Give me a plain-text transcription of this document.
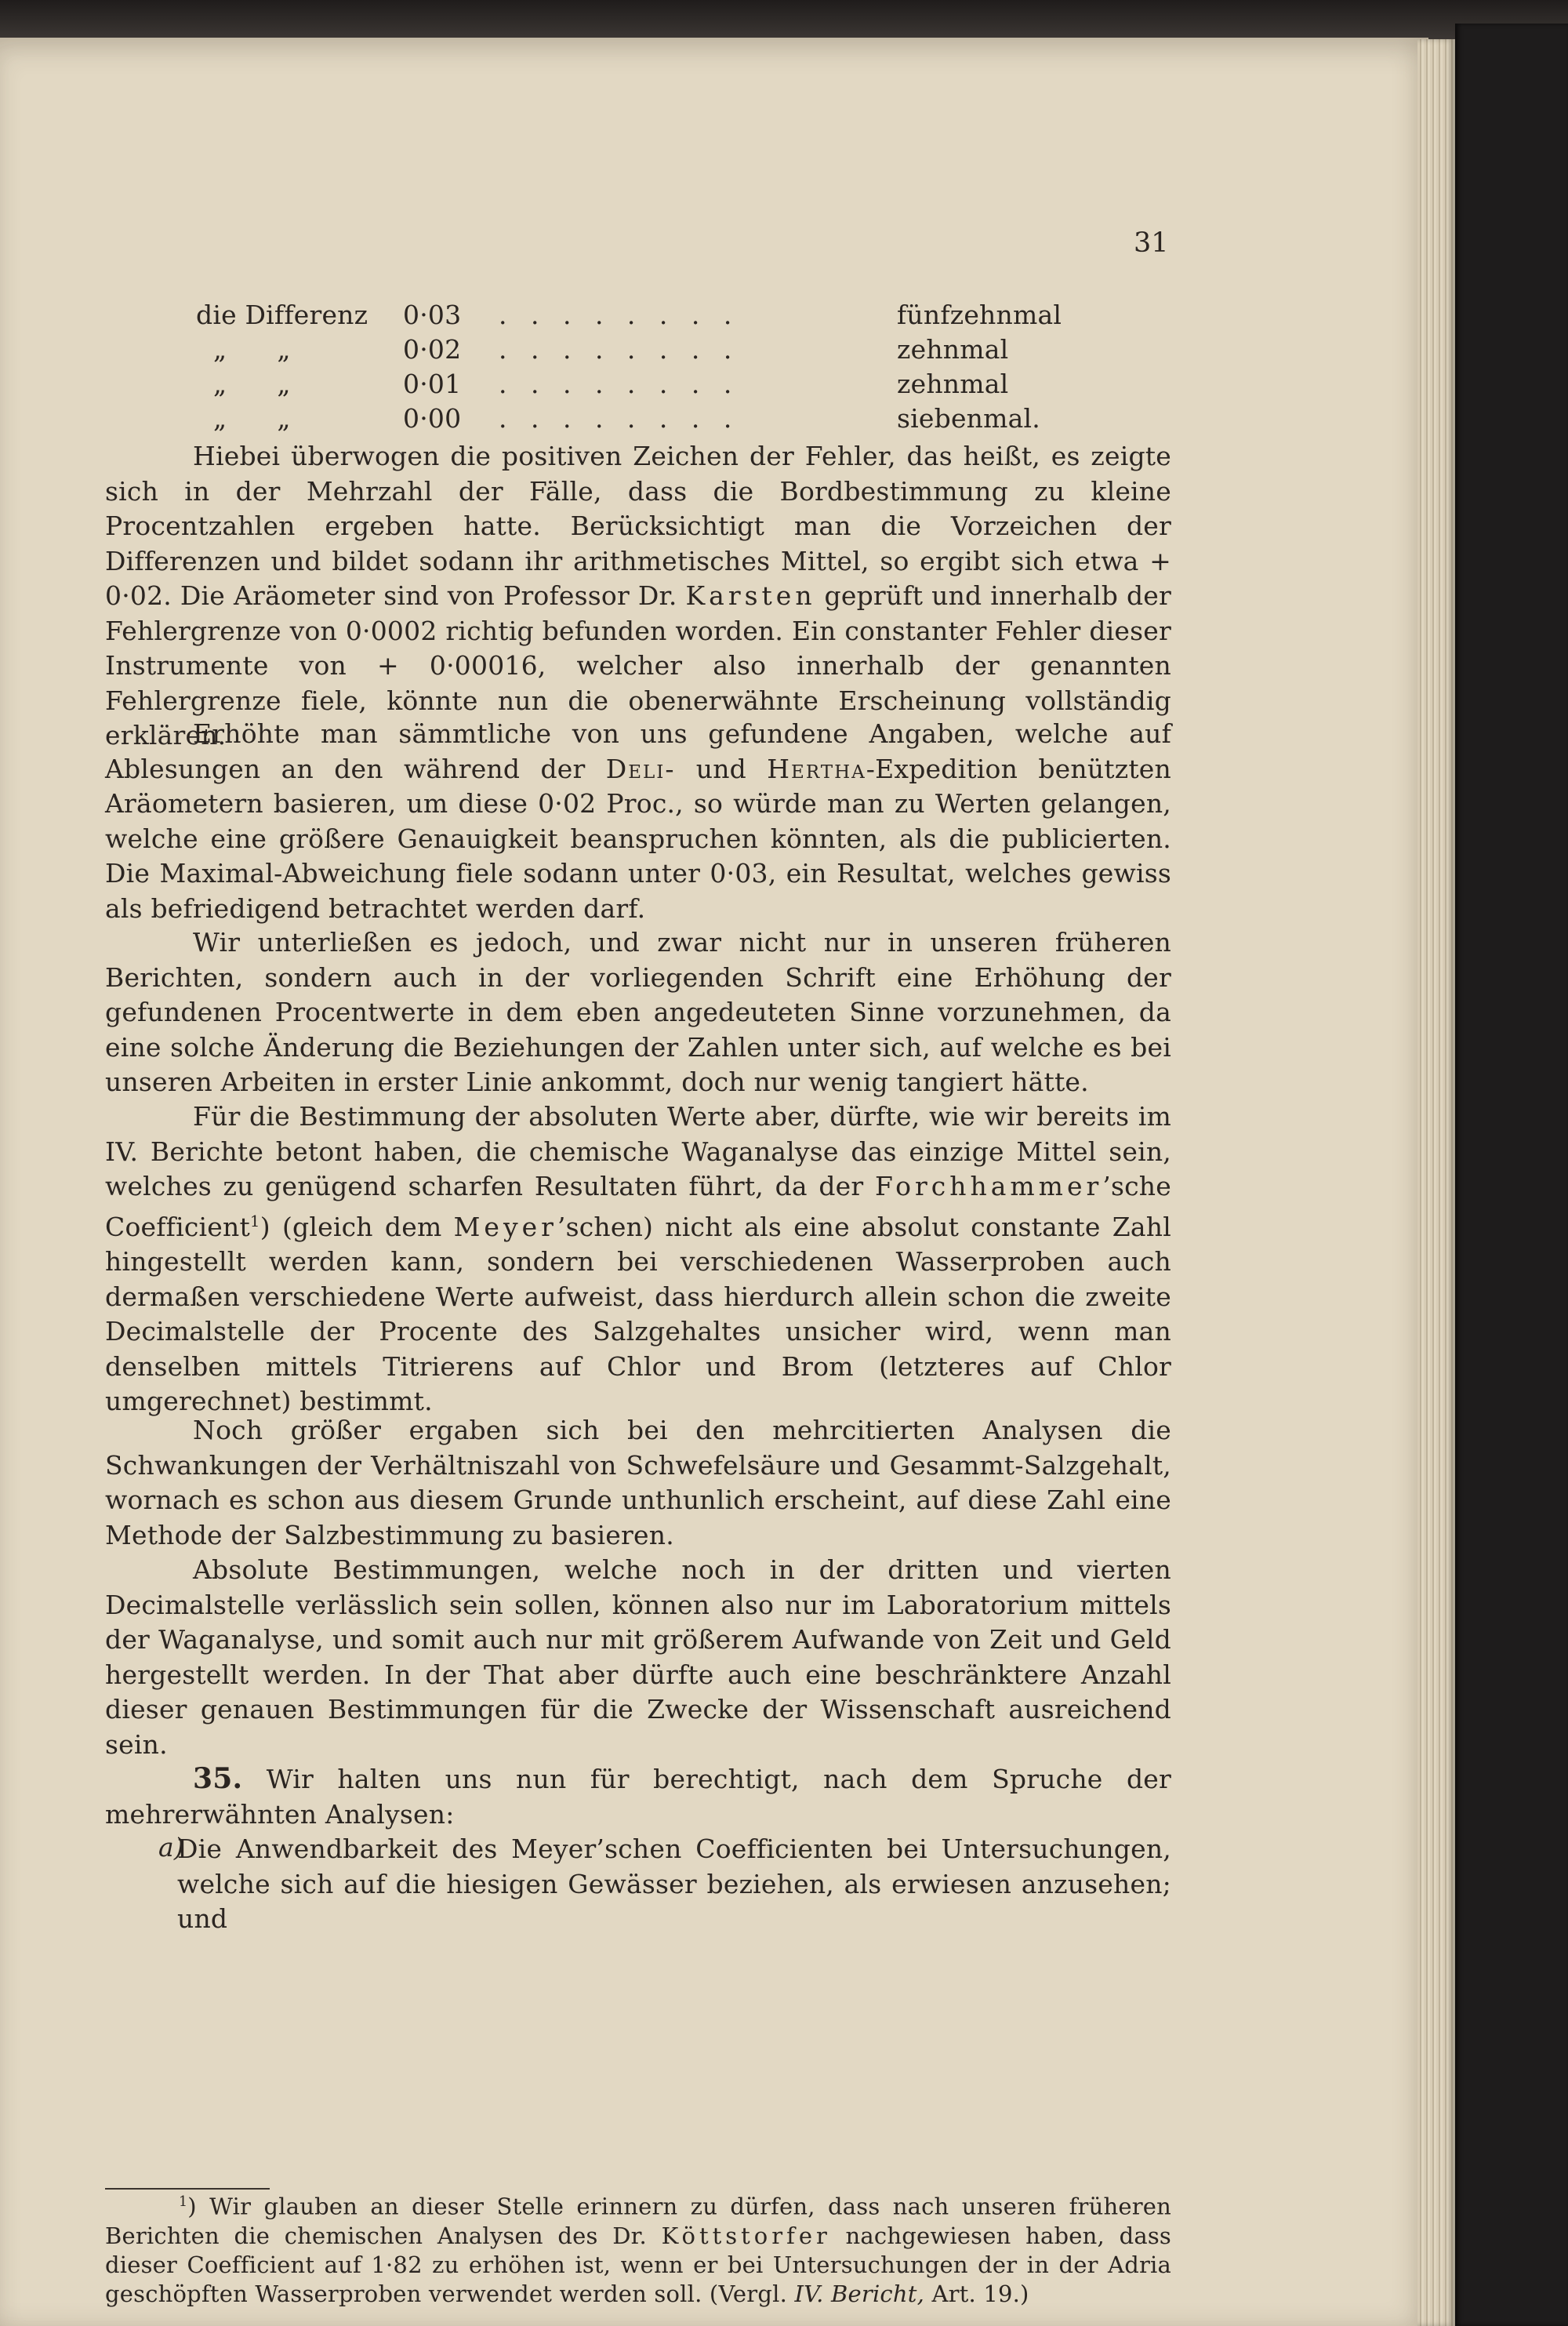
31
die Differenz 0·03 . . . . . . . .	fünfzehnmal
„      „	0·02 . . . . . . . .	zehnmal
„      „	0·01 . . . . . . . .	zehnmal
„      „	0·00 . . . . . . . .	siebenmal.

Hiebei überwogen die positiven Zeichen der Fehler, das heißt, es zeigte sich in der Mehrzahl der Fälle, dass die Bordbestimmung zu kleine Procentzahlen ergeben hatte. Berücksichtigt man die Vorzeichen der Differenzen und bildet sodann ihr arithmetisches Mittel, so ergibt sich etwa + 0·02. Die Aräometer sind von Professor Dr. Karsten geprüft und innerhalb der Fehlergrenze von 0·0002 richtig befunden worden. Ein constanter Fehler dieser Instrumente von + 0·00016, welcher also innerhalb der genannten Fehlergrenze fiele, könnte nun die obenerwähnte Erscheinung vollständig erklären.

Erhöhte man sämmtliche von uns gefundene Angaben, welche auf Ablesungen an den während der Deli- und Hertha-Expedition benützten Aräometern basieren, um diese 0·02 Proc., so würde man zu Werten gelangen, welche eine größere Genauigkeit beanspruchen könnten, als die publicierten. Die Maximal-Abweichung fiele sodann unter 0·03, ein Resultat, welches gewiss als befriedigend betrachtet werden darf.

Wir unterließen es jedoch, und zwar nicht nur in unseren früheren Berichten, sondern auch in der vorliegenden Schrift eine Erhöhung der gefundenen Procentwerte in dem eben angedeuteten Sinne vorzunehmen, da eine solche Änderung die Beziehungen der Zahlen unter sich, auf welche es bei unseren Arbeiten in erster Linie ankommt, doch nur wenig tangiert hätte.

Für die Bestimmung der absoluten Werte aber, dürfte, wie wir bereits im IV. Berichte betont haben, die chemische Waganalyse das einzige Mittel sein, welches zu genügend scharfen Resultaten führt, da der Forchhammer’sche Coefficient$^1$) (gleich dem Meyer’schen) nicht als eine absolut constante Zahl hingestellt werden kann, sondern bei verschiedenen Wasserproben auch dermaßen verschiedene Werte aufweist, dass hierdurch allein schon die zweite Decimalstelle der Procente des Salzgehaltes unsicher wird, wenn man denselben mittels Titrierens auf Chlor und Brom (letzteres auf Chlor umgerechnet) bestimmt.

Noch größer ergaben sich bei den mehrcitierten Analysen die Schwankungen der Verhältniszahl von Schwefelsäure und Gesammt-Salzgehalt, wornach es schon aus diesem Grunde unthunlich erscheint, auf diese Zahl eine Methode der Salzbestimmung zu basieren.

Absolute Bestimmungen, welche noch in der dritten und vierten Decimalstelle verlässlich sein sollen, können also nur im Laboratorium mittels der Waganalyse, und somit auch nur mit größerem Aufwande von Zeit und Geld hergestellt werden. In der That aber dürfte auch eine beschränktere Anzahl dieser genauen Bestimmungen für die Zwecke der Wissenschaft ausreichend sein.

35. Wir halten uns nun für berechtigt, nach dem Spruche der mehrerwähnten Analysen:

a)
Die Anwendbarkeit des Meyer’schen Coefficienten bei Untersuchungen, welche sich auf die hiesigen Gewässer beziehen, als erwiesen anzusehen; und

$^1$) Wir glauben an dieser Stelle erinnern zu dürfen, dass nach unseren früheren Berichten die chemischen Analysen des Dr. Köttstorfer nachgewiesen haben, dass dieser Coefficient auf 1·82 zu erhöhen ist, wenn er bei Untersuchungen der in der Adria geschöpften Wasserproben verwendet werden soll. (Vergl. IV. Bericht, Art. 19.)
